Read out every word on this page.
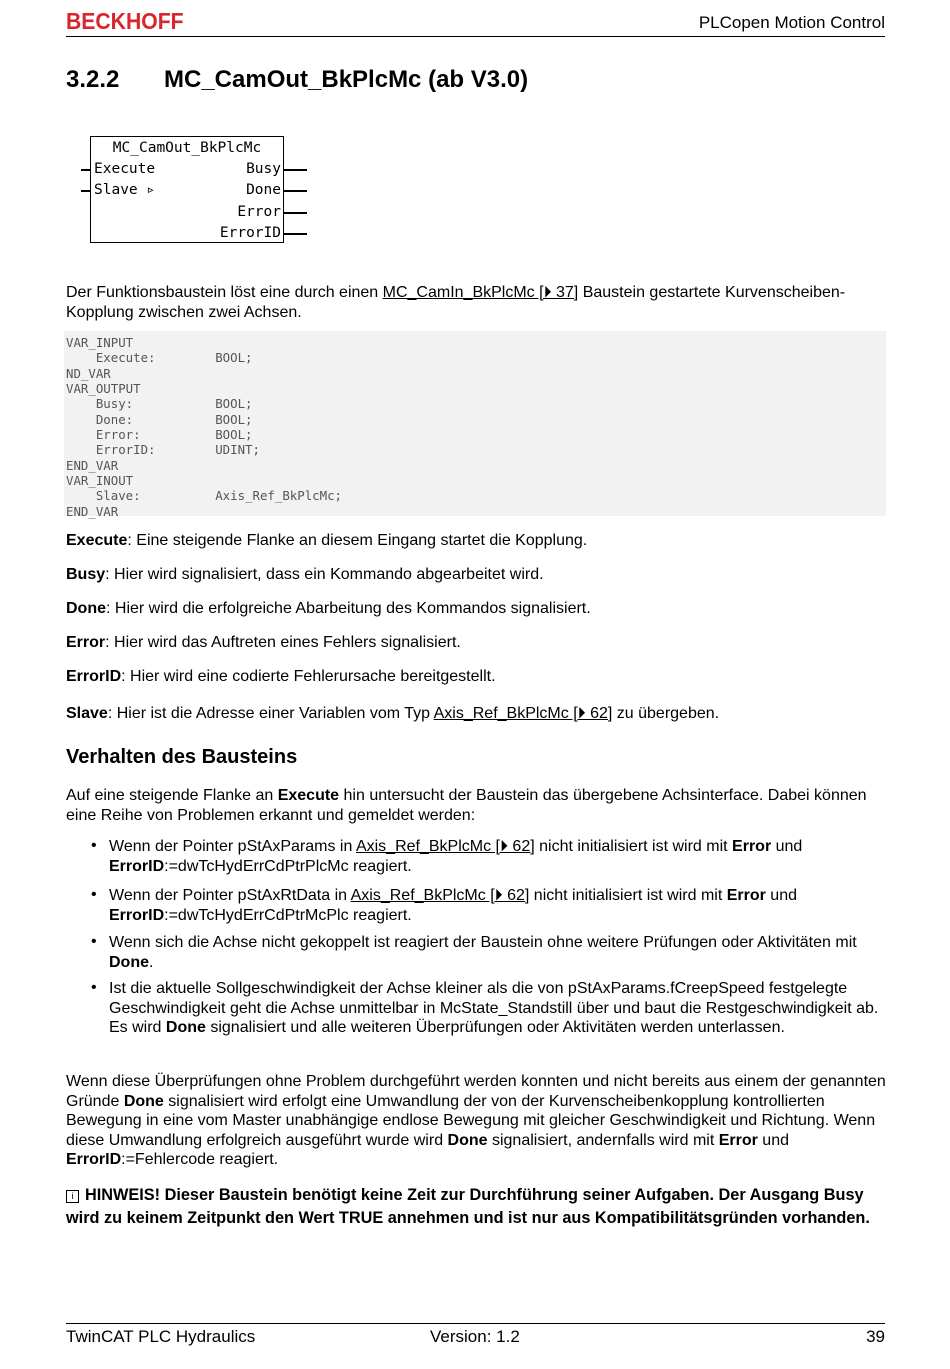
BECKHOFF	PLCopen Motion Control
3.2.2 MC_CamOut_BkPlcMc (ab V3.0)
MC_CamOut_BkPlcMc
Execute
Slave ▹
Busy
Done
Error
ErrorID
Der Funktionsbaustein löst eine durch einen MC_CamIn_BkPlcMc [⏵ 37] Baustein gestartete Kurvenscheiben-Kopplung zwischen zwei Achsen.
VAR_INPUT
Execute:        BOOL;
ND_VAR
VAR_OUTPUT
Busy:           BOOL;
Done:           BOOL;
Error:          BOOL;
ErrorID:        UDINT;
END_VAR
VAR_INOUT
Slave:          Axis_Ref_BkPlcMc;
END_VAR
Execute: Eine steigende Flanke an diesem Eingang startet die Kopplung.
Busy: Hier wird signalisiert, dass ein Kommando abgearbeitet wird.
Done: Hier wird die erfolgreiche Abarbeitung des Kommandos signalisiert.
Error: Hier wird das Auftreten eines Fehlers signalisiert.
ErrorID: Hier wird eine codierte Fehlerursache bereitgestellt.
Slave: Hier ist die Adresse einer Variablen vom Typ Axis_Ref_BkPlcMc [⏵ 62] zu übergeben.
Verhalten des Bausteins
Auf eine steigende Flanke an Execute hin untersucht der Baustein das übergebene Achsinterface. Dabei können eine Reihe von Problemen erkannt und gemeldet werden:
• Wenn der Pointer pStAxParams in Axis_Ref_BkPlcMc [⏵ 62] nicht initialisiert ist wird mit Error und ErrorID:=dwTcHydErrCdPtrPlcMc reagiert.
• Wenn der Pointer pStAxRtData in Axis_Ref_BkPlcMc [⏵ 62] nicht initialisiert ist wird mit Error und ErrorID:=dwTcHydErrCdPtrMcPlc reagiert.
• Wenn sich die Achse nicht gekoppelt ist reagiert der Baustein ohne weitere Prüfungen oder Aktivitäten mit Done.
• Ist die aktuelle Sollgeschwindigkeit der Achse kleiner als die von pStAxParams.fCreepSpeed festgelegte Geschwindigkeit geht die Achse unmittelbar in McState_Standstill über und baut die Restgeschwindigkeit ab. Es wird Done signalisiert und alle weiteren Überprüfungen oder Aktivitäten werden unterlassen.
Wenn diese Überprüfungen ohne Problem durchgeführt werden konnten und nicht bereits aus einem der genannten Gründe Done signalisiert wird erfolgt eine Umwandlung der von der Kurvenscheibenkopplung kontrollierten Bewegung in eine vom Master unabhängige endlose Bewegung mit gleicher Geschwindigkeit und Richtung. Wenn diese Umwandlung erfolgreich ausgeführt wurde wird Done signalisiert, andernfalls wird mit Error und ErrorID:=Fehlercode reagiert.
i HINWEIS! Dieser Baustein benötigt keine Zeit zur Durchführung seiner Aufgaben. Der Ausgang Busy wird zu keinem Zeitpunkt den Wert TRUE annehmen und ist nur aus Kompatibilitätsgründen vorhanden.
TwinCAT PLC Hydraulics	Version: 1.2	39
